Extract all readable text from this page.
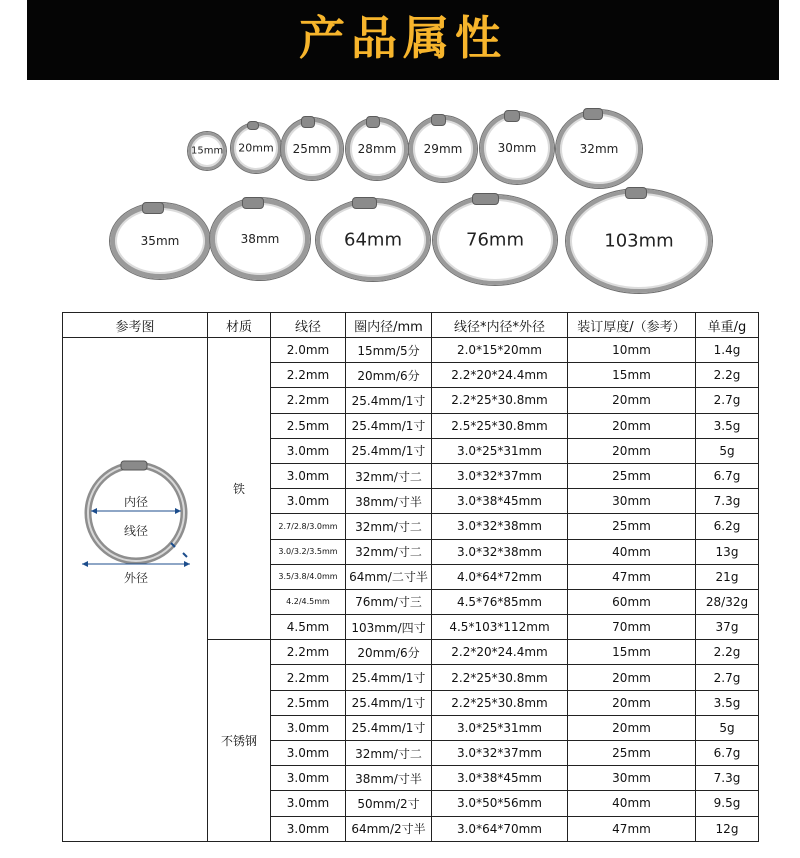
产品属性
15mm	20mm	25mm	28mm	29mm	30mm	32mm
35mm	38mm	64mm	76mm	103mm
参考图	材质	线径	圈内径/mm	线径*内径*外径	装订厚度/（参考）	单重/g

内径
线径
外径	铁	2.0mm	15mm/5分	2.0*15*20mm	10mm	1.4g
		2.2mm	20mm/6分	2.2*20*24.4mm	15mm	2.2g
		2.2mm	25.4mm/1寸	2.2*25*30.8mm	20mm	2.7g
		2.5mm	25.4mm/1寸	2.5*25*30.8mm	20mm	3.5g
		3.0mm	25.4mm/1寸	3.0*25*31mm	20mm	5g
		3.0mm	32mm/寸二	3.0*32*37mm	25mm	6.7g
		3.0mm	38mm/寸半	3.0*38*45mm	30mm	7.3g
		2.7/2.8/3.0mm	32mm/寸二	3.0*32*38mm	25mm	6.2g
		3.0/3.2/3.5mm	32mm/寸二	3.0*32*38mm	40mm	13g
		3.5/3.8/4.0mm	64mm/二寸半	4.0*64*72mm	47mm	21g
		4.2/4.5mm	76mm/寸三	4.5*76*85mm	60mm	28/32g
		4.5mm	103mm/四寸	4.5*103*112mm	70mm	37g
	不锈钢	2.2mm	20mm/6分	2.2*20*24.4mm	15mm	2.2g
		2.2mm	25.4mm/1寸	2.2*25*30.8mm	20mm	2.7g
		2.5mm	25.4mm/1寸	2.2*25*30.8mm	20mm	3.5g
		3.0mm	25.4mm/1寸	3.0*25*31mm	20mm	5g
		3.0mm	32mm/寸二	3.0*32*37mm	25mm	6.7g
		3.0mm	38mm/寸半	3.0*38*45mm	30mm	7.3g
		3.0mm	50mm/2寸	3.0*50*56mm	40mm	9.5g
		3.0mm	64mm/2寸半	3.0*64*70mm	47mm	12g
